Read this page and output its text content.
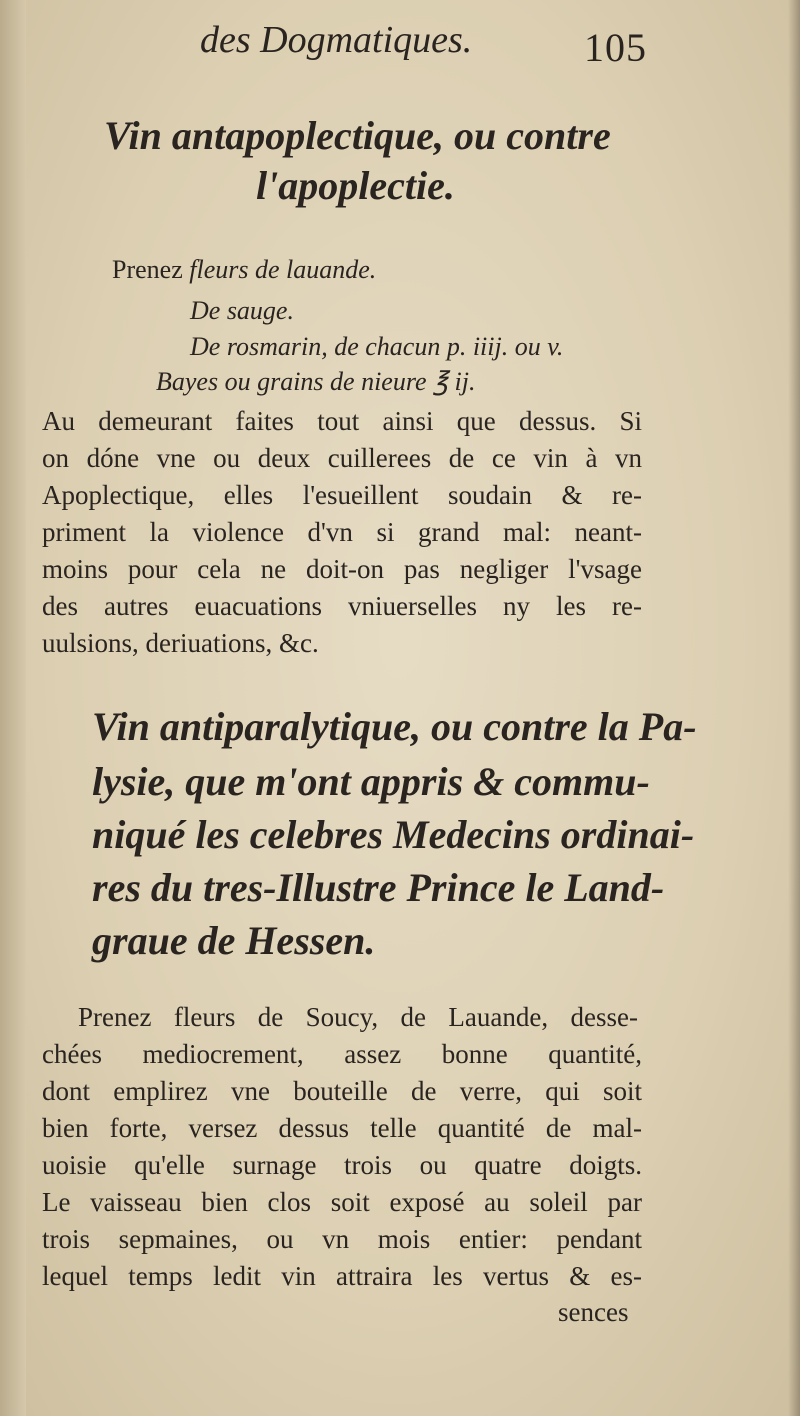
des Dogmatiques.	105
Vin antapoplectique, ou contre
l'apoplectie.
Prenez fleurs de lauande.
De sauge.
De rosmarin, de chacun p. iiij. ou v.
Bayes ou grains de nieure ℥ ij.
Au demeurant faites tout ainsi que dessus. Si
on dóne vne ou deux cuillerees de ce vin à vn
Apoplectique, elles l'esueillent soudain & re-
priment la violence d'vn si grand mal: neant-
moins pour cela ne doit-on pas negliger l'vsage
des autres euacuations vniuerselles ny les re-
uulsions, deriuations, &c.
Vin antiparalytique, ou contre la Pa-
lysie, que m'ont appris & commu-
niqué les celebres Medecins ordinai-
res du tres-Illustre Prince le Land-
graue de Hessen.
Prenez fleurs de Soucy, de Lauande, desse-
chées mediocrement, assez bonne quantité,
dont emplirez vne bouteille de verre, qui soit
bien forte, versez dessus telle quantité de mal-
uoisie qu'elle surnage trois ou quatre doigts.
Le vaisseau bien clos soit exposé au soleil par
trois sepmaines, ou vn mois entier: pendant
lequel temps ledit vin attraira les vertus & es-
sences
